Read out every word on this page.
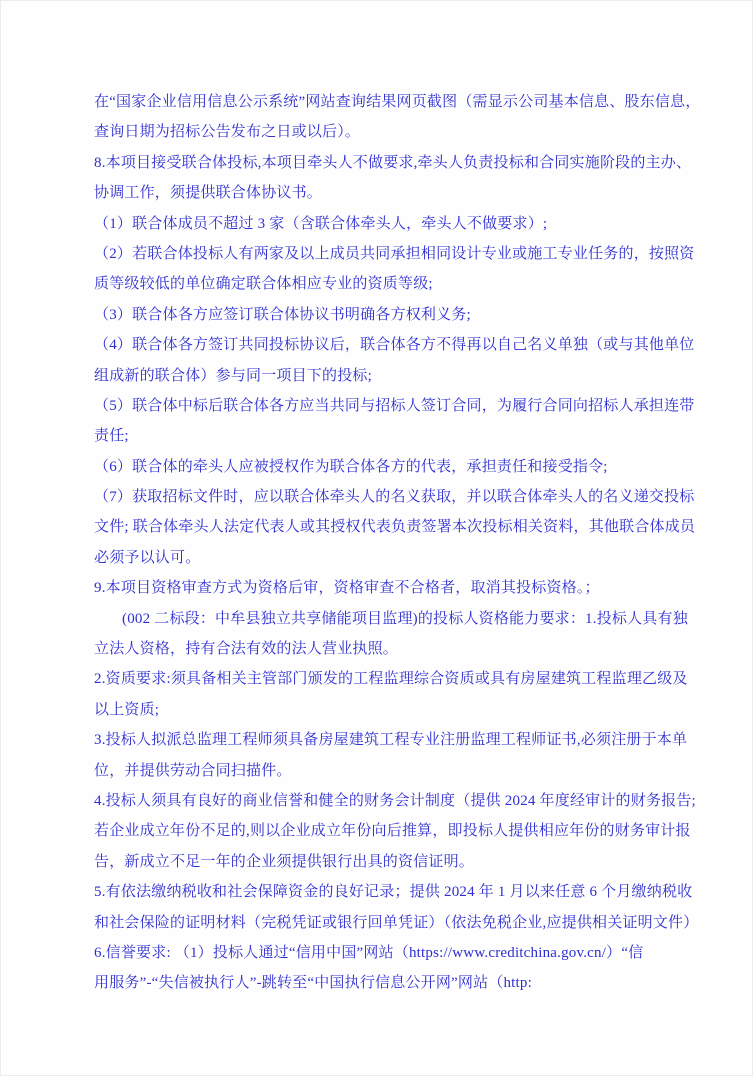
在“国家企业信用信息公示系统”网站查询结果网页截图（需显示公司基本信息、股东信息，
查询日期为招标公告发布之日或以后）。
8.本项目接受联合体投标,本项目牵头人不做要求,牵头人负责投标和合同实施阶段的主办、
协调工作，须提供联合体协议书。
（1）联合体成员不超过 3 家（含联合体牵头人，牵头人不做要求）;
（2）若联合体投标人有两家及以上成员共同承担相同设计专业或施工专业任务的，按照资
质等级较低的单位确定联合体相应专业的资质等级;
（3）联合体各方应签订联合体协议书明确各方权利义务;
（4）联合体各方签订共同投标协议后，联合体各方不得再以自己名义单独（或与其他单位
组成新的联合体）参与同一项目下的投标;
（5）联合体中标后联合体各方应当共同与招标人签订合同，为履行合同向招标人承担连带
责任;
（6）联合体的牵头人应被授权作为联合体各方的代表，承担责任和接受指令;
（7）获取招标文件时，应以联合体牵头人的名义获取，并以联合体牵头人的名义递交投标
文件; 联合体牵头人法定代表人或其授权代表负责签署本次投标相关资料，其他联合体成员
必须予以认可。
9.本项目资格审查方式为资格后审，资格审查不合格者，取消其投标资格。；
(002 二标段：中牟县独立共享储能项目监理)的投标人资格能力要求：1.投标人具有独
立法人资格，持有合法有效的法人营业执照。
2.资质要求:须具备相关主管部门颁发的工程监理综合资质或具有房屋建筑工程监理乙级及
以上资质;
3.投标人拟派总监理工程师须具备房屋建筑工程专业注册监理工程师证书,必须注册于本单
位，并提供劳动合同扫描件。
4.投标人须具有良好的商业信誉和健全的财务会计制度（提供 2024 年度经审计的财务报告;
若企业成立年份不足的,则以企业成立年份向后推算，即投标人提供相应年份的财务审计报
告，新成立不足一年的企业须提供银行出具的资信证明。
5.有依法缴纳税收和社会保障资金的良好记录；提供 2024 年 1 月以来任意 6 个月缴纳税收
和社会保险的证明材料（完税凭证或银行回单凭证）（依法免税企业,应提供相关证明文件）
6.信誉要求: （1）投标人通过“信用中国”网站（https://www.creditchina.gov.cn/）“信
用服务”-“失信被执行人”-跳转至“中国执行信息公开网”网站（http:
